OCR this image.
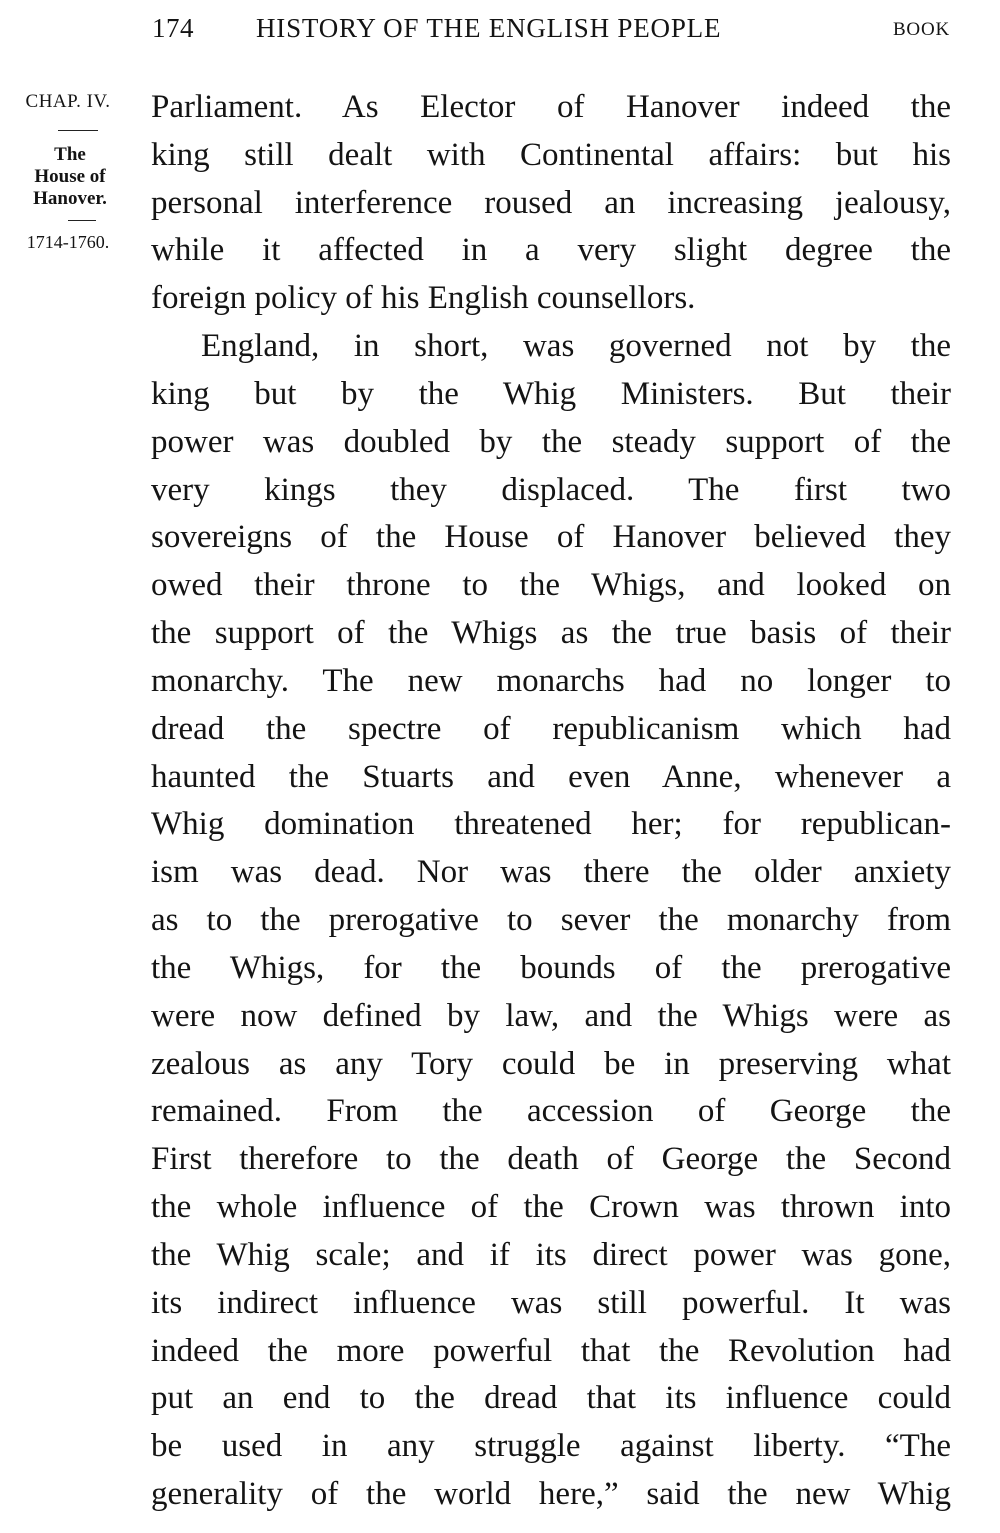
174 HISTORY OF THE ENGLISH PEOPLE	BOOK
CHAP. IV.
The
House of
Hanover.
1714-1760.
Parliament. As Elector of Hanover indeed the
king still dealt with Continental affairs: but his
personal interference roused an increasing jealousy,
while it affected in a very slight degree the
foreign policy of his English counsellors.
England, in short, was governed not by the
king but by the Whig Ministers. But their
power was doubled by the steady support of the
very kings they displaced. The first two
sovereigns of the House of Hanover believed they
owed their throne to the Whigs, and looked on
the support of the Whigs as the true basis of their
monarchy. The new monarchs had no longer to
dread the spectre of republicanism which had
haunted the Stuarts and even Anne, whenever a
Whig domination threatened her; for republican-
ism was dead. Nor was there the older anxiety
as to the prerogative to sever the monarchy from
the Whigs, for the bounds of the prerogative
were now defined by law, and the Whigs were as
zealous as any Tory could be in preserving what
remained. From the accession of George the
First therefore to the death of George the Second
the whole influence of the Crown was thrown into
the Whig scale; and if its direct power was gone,
its indirect influence was still powerful. It was
indeed the more powerful that the Revolution had
put an end to the dread that its influence could
be used in any struggle against liberty. “The
generality of the world here,” said the new Whig
